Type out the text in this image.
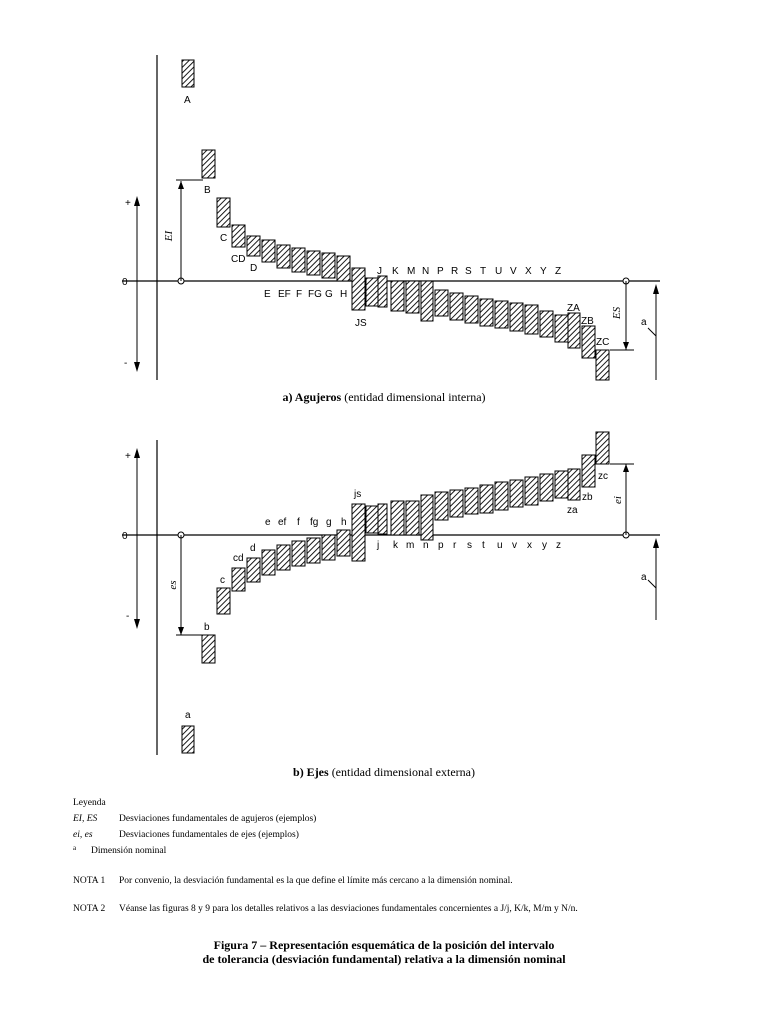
+
0
-
EI
ES
a
A
B
C
CD
D
JS
ZA
ZB
ZC
J K M N P R S T U V X Y Z
E EF F FG G H
a) Agujeros (entidad dimensional interna)
+
0
-
es
ei
a
a
b
c
cd
d
js
za
zb
zc
e ef f fg g h
j k m n p r s t u v x y z
b) Ejes (entidad dimensional externa)
Leyenda
EI, ES Desviaciones fundamentales de agujeros (ejemplos)
ei, es	Desviaciones fundamentales de ejes (ejemplos)
a Dimensión nominal
NOTA 1 Por convenio, la desviación fundamental es la que define el límite más cercano a la dimensión nominal.
NOTA 2 Véanse las figuras 8 y 9 para los detalles relativos a las desviaciones fundamentales concernientes a J/j, K/k, M/m y N/n.
Figura 7 – Representación esquemática de la posición del intervalo
de tolerancia (desviación fundamental) relativa a la dimensión nominal
